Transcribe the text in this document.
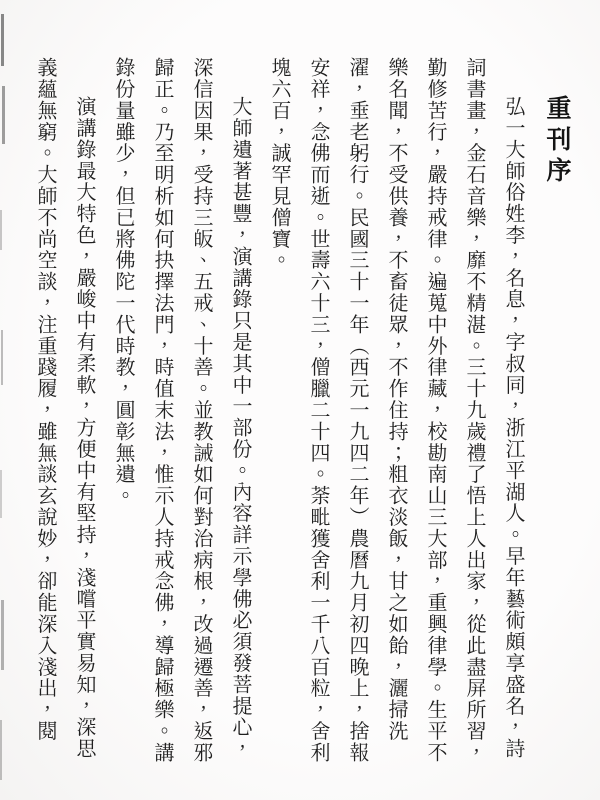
重刊序

弘一大師俗姓李，名息，字叔同，浙江平湖人。早年藝術頗享盛名，詩詞書畫，金石音樂，靡不精湛。三十九歲禮了悟上人出家，從此盡屏所習，勤修苦行，嚴持戒律。遍蒐中外律藏，校勘南山三大部，重興律學。生平不樂名聞，不受供養，不畜徒眾，不作住持；粗衣淡飯，甘之如飴，灑掃洗濯，垂老躬行。民國三十一年（西元一九四二年）農曆九月初四晚上，捨報安祥，念佛而逝。世壽六十三，僧臘二十四。荼毗獲舍利一千八百粒，舍利塊六百，誠罕見僧寶。

大師遺著甚豐，演講錄只是其中一部份。內容詳示學佛必須發菩提心，深信因果，受持三皈、五戒、十善。並教誡如何對治病根，改過遷善，返邪歸正。乃至明析如何抉擇法門，時值末法，惟示人持戒念佛，導歸極樂。講錄份量雖少，但已將佛陀一代時教，圓彰無遺。

演講錄最大特色，嚴峻中有柔軟，方便中有堅持，淺嚐平實易知，深思義蘊無窮。大師不尚空談，注重踐履，雖無談玄說妙，卻能深入淺出，閱
